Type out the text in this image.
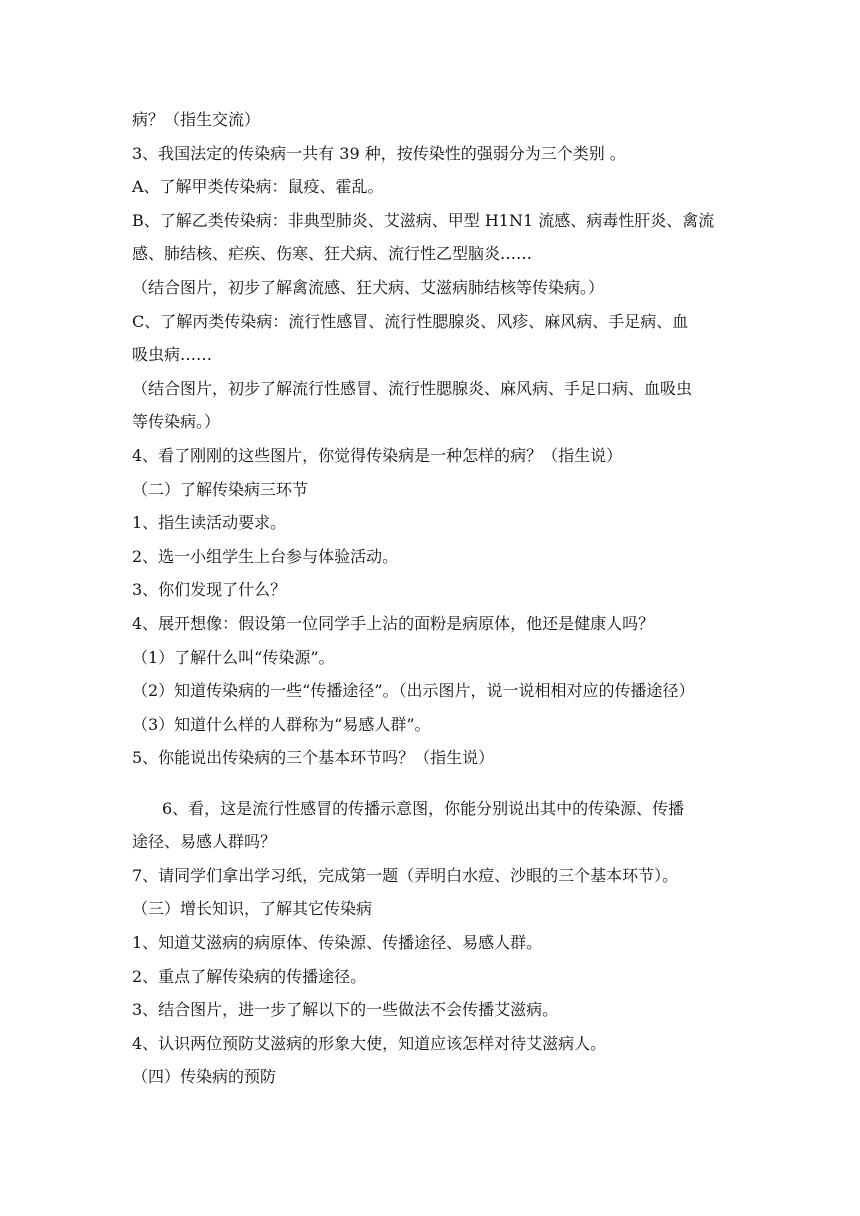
病？（指生交流）
3、我国法定的传染病一共有 39 种，按传染性的强弱分为三个类别 。
A、了解甲类传染病：鼠疫、霍乱。
B、了解乙类传染病：非典型肺炎、艾滋病、甲型 H1N1 流感、病毒性肝炎、禽流
感、肺结核、疟疾、伤寒、狂犬病、流行性乙型脑炎……
（结合图片，初步了解禽流感、狂犬病、艾滋病肺结核等传染病。）
C、了解丙类传染病：流行性感冒、流行性腮腺炎、风疹、麻风病、手足病、血
吸虫病……
（结合图片，初步了解流行性感冒、流行性腮腺炎、麻风病、手足口病、血吸虫
等传染病。）
4、看了刚刚的这些图片，你觉得传染病是一种怎样的病？（指生说）
（二）了解传染病三环节
1、指生读活动要求。
2、选一小组学生上台参与体验活动。
3、你们发现了什么？
4、展开想像：假设第一位同学手上沾的面粉是病原体，他还是健康人吗？
（1）了解什么叫“传染源”。
（2）知道传染病的一些“传播途径”。（出示图片，说一说相相对应的传播途径）
（3）知道什么样的人群称为“易感人群”。
5、你能说出传染病的三个基本环节吗？（指生说）
6、看，这是流行性感冒的传播示意图，你能分别说出其中的传染源、传播
途径、易感人群吗？
7、请同学们拿出学习纸，完成第一题（弄明白水痘、沙眼的三个基本环节）。
（三）增长知识，了解其它传染病
1、知道艾滋病的病原体、传染源、传播途径、易感人群。
2、重点了解传染病的传播途径。
3、结合图片，进一步了解以下的一些做法不会传播艾滋病。
4、认识两位预防艾滋病的形象大使，知道应该怎样对待艾滋病人。
（四）传染病的预防
